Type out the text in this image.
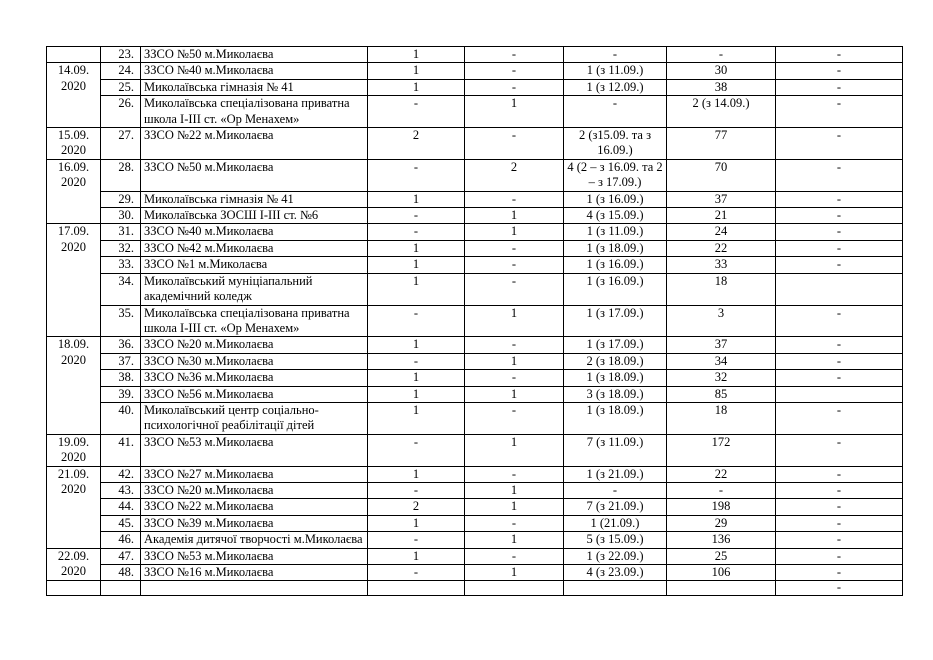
	23.	ЗЗСО №50 м.Миколаєва	1	-	-	-	-
14.09. 2020	24.	ЗЗСО №40 м.Миколаєва	1	-	1 (з 11.09.)	30	-
	25.	Миколаївська гімназія № 41	1	-	1 (з 12.09.)	38	-
	26.	Миколаївська спеціалізована приватна школа І-ІІІ ст. «Ор Менахем»	-	1	-	2 (з 14.09.)	-
15.09. 2020	27.	ЗЗСО №22 м.Миколаєва	2	-	2 (з15.09. та з 16.09.)	77	-
16.09. 2020	28.	ЗЗСО №50 м.Миколаєва	-	2	4 (2 – з 16.09. та 2 – з 17.09.)	70	-
	29.	Миколаївська гімназія № 41	1	-	1 (з 16.09.)	37	-
	30.	Миколаївська ЗОСШ І-ІІІ ст. №6	-	1	4 (з 15.09.)	21	-
17.09. 2020	31.	ЗЗСО №40 м.Миколаєва	-	1	1 (з 11.09.)	24	-
	32.	ЗЗСО №42 м.Миколаєва	1	-	1 (з 18.09.)	22	-
	33.	ЗЗСО №1 м.Миколаєва	1	-	1 (з 16.09.)	33	-
	34.	Миколаївський муніціапальний академічний коледж	1	-	1 (з 16.09.)	18	
	35.	Миколаївська спеціалізована приватна школа І-ІІІ ст. «Ор Менахем»	-	1	1 (з 17.09.)	3	-
18.09. 2020	36.	ЗЗСО №20 м.Миколаєва	1	-	1 (з 17.09.)	37	-
	37.	ЗЗСО №30 м.Миколаєва	-	1	2 (з 18.09.)	34	-
	38.	ЗЗСО №36 м.Миколаєва	1	-	1 (з 18.09.)	32	-
	39.	ЗЗСО №56 м.Миколаєва	1	1	3 (з 18.09.)	85	
	40.	Миколаївський центр соціально-психологічної реабілітації дітей	1	-	1 (з 18.09.)	18	-
19.09. 2020	41.	ЗЗСО №53 м.Миколаєва	-	1	7 (з 11.09.)	172	-
21.09. 2020	42.	ЗЗСО №27 м.Миколаєва	1	-	1 (з 21.09.)	22	-
	43.	ЗЗСО №20 м.Миколаєва	-	1	-	-	-
	44.	ЗЗСО №22 м.Миколаєва	2	1	7 (з 21.09.)	198	-
	45.	ЗЗСО №39 м.Миколаєва	1	-	1 (21.09.)	29	-
	46.	Академія дитячої творчості м.Миколаєва	-	1	5 (з 15.09.)	136	-
22.09. 2020	47.	ЗЗСО №53 м.Миколаєва	1	-	1 (з 22.09.)	25	-
	48.	ЗЗСО №16 м.Миколаєва	-	1	4 (з 23.09.)	106	-
							-
